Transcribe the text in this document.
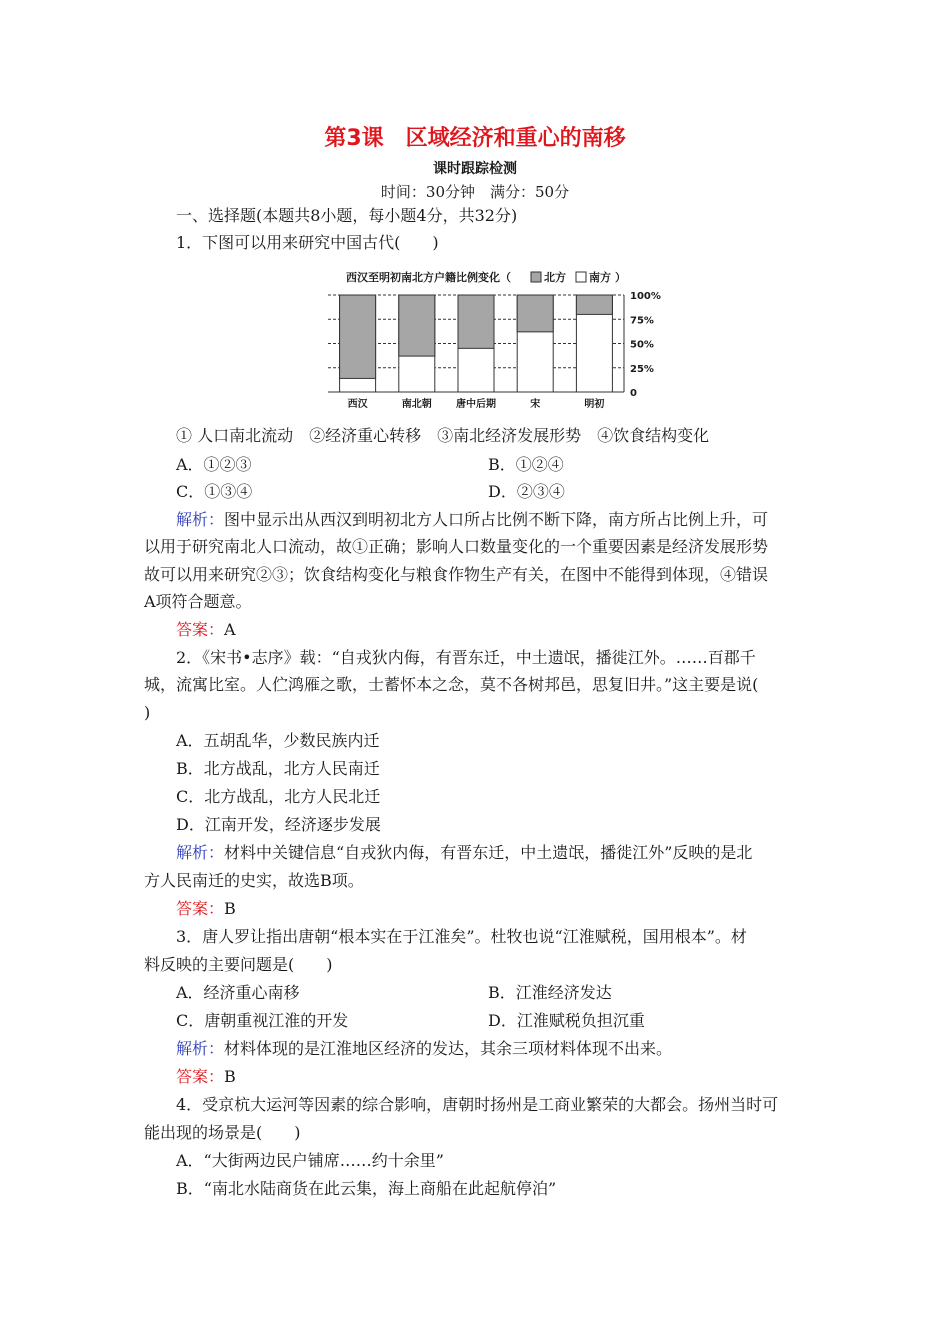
第3课　区域经济和重心的南移
课时跟踪检测
时间：30分钟　满分：50分
一、选择题(本题共8小题，每小题4分，共32分)
1．下图可以用来研究中国古代(　　)
西汉至明初南北方户籍比例变化（	北方 南方 ）
100%
75%
50%
25%
0
西汉	南北朝 唐中后期	宋	明初
① 人口南北流动　②经济重心转移　③南北经济发展形势　④饮食结构变化
A．①②③	B．①②④
C．①③④	D．②③④
解析：图中显示出从西汉到明初北方人口所占比例不断下降，南方所占比例上升，可
以用于研究南北人口流动，故①正确；影响人口数量变化的一个重要因素是经济发展形势
故可以用来研究②③；饮食结构变化与粮食作物生产有关，在图中不能得到体现，④错误
A项符合题意。
答案：A
2．《宋书•志序》载：“自戎狄内侮，有晋东迁，中土遗氓，播徙江外。……百郡千
城，流寓比室。人伫鸿雁之歌，士蓄怀本之念，莫不各树邦邑，思复旧井。”这主要是说(
)
A．五胡乱华，少数民族内迁
B．北方战乱，北方人民南迁
C．北方战乱，北方人民北迁
D．江南开发，经济逐步发展
解析：材料中关键信息“自戎狄内侮，有晋东迁，中土遗氓，播徙江外”反映的是北
方人民南迁的史实，故选B项。
答案：B
3．唐人罗让指出唐朝“根本实在于江淮矣”。杜牧也说“江淮赋税，国用根本”。材
料反映的主要问题是(　　)
A．经济重心南移	B．江淮经济发达
C．唐朝重视江淮的开发	D．江淮赋税负担沉重
解析：材料体现的是江淮地区经济的发达，其余三项材料体现不出来。
答案：B
4．受京杭大运河等因素的综合影响，唐朝时扬州是工商业繁荣的大都会。扬州当时可
能出现的场景是(　　)
A．“大街两边民户铺席……约十余里”
B．“南北水陆商货在此云集，海上商船在此起航停泊”
